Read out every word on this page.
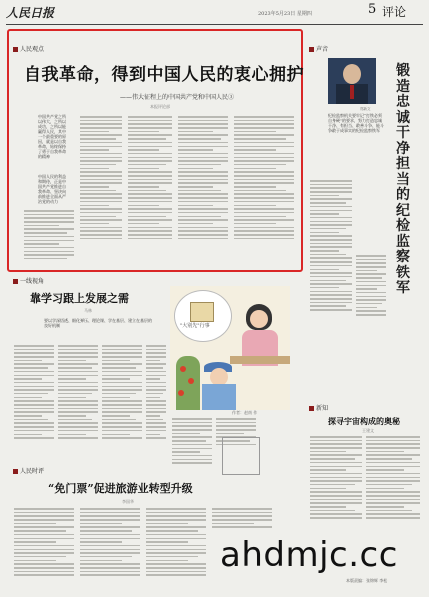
人民日报	2023年5月23日 星期四	5 评论
人民观点
自我革命，得到中国人民的衷心拥护
——伟大征程上的中国共产党和中国人民③
本报评论部
中国共产党之所以伟大，之所以成功，之所以能赢得人民，其中一个最重要的原因，就是以自我革命，始终保持了勇于自我革命的精神
中国人民的利益和期待，正是中国共产党推进自我革命、坚决向前推进全面从严治党的动力
一线视角
靠学习跟上发展之需
马林
要以学深悟透、细化弹压、理论课、学在基层、建立在基层的良好机制	"大别先"行事
作者：赵南 作
人民时评
“免门票”促进旅游业转型升级
李国华
声音
郑新文
锻造忠诚干净担当的纪检监察铁军
纪检监察机关要牢记“打铁必须自身硬”的要求，努力打造忠诚干净、有担当、敢善斗争、能斗争敢于成事实的纪检监察铁军
新知
探寻宇宙构成的奥秘
王建文
本版责编：张锦辉 李松
ahdmjc.cc
